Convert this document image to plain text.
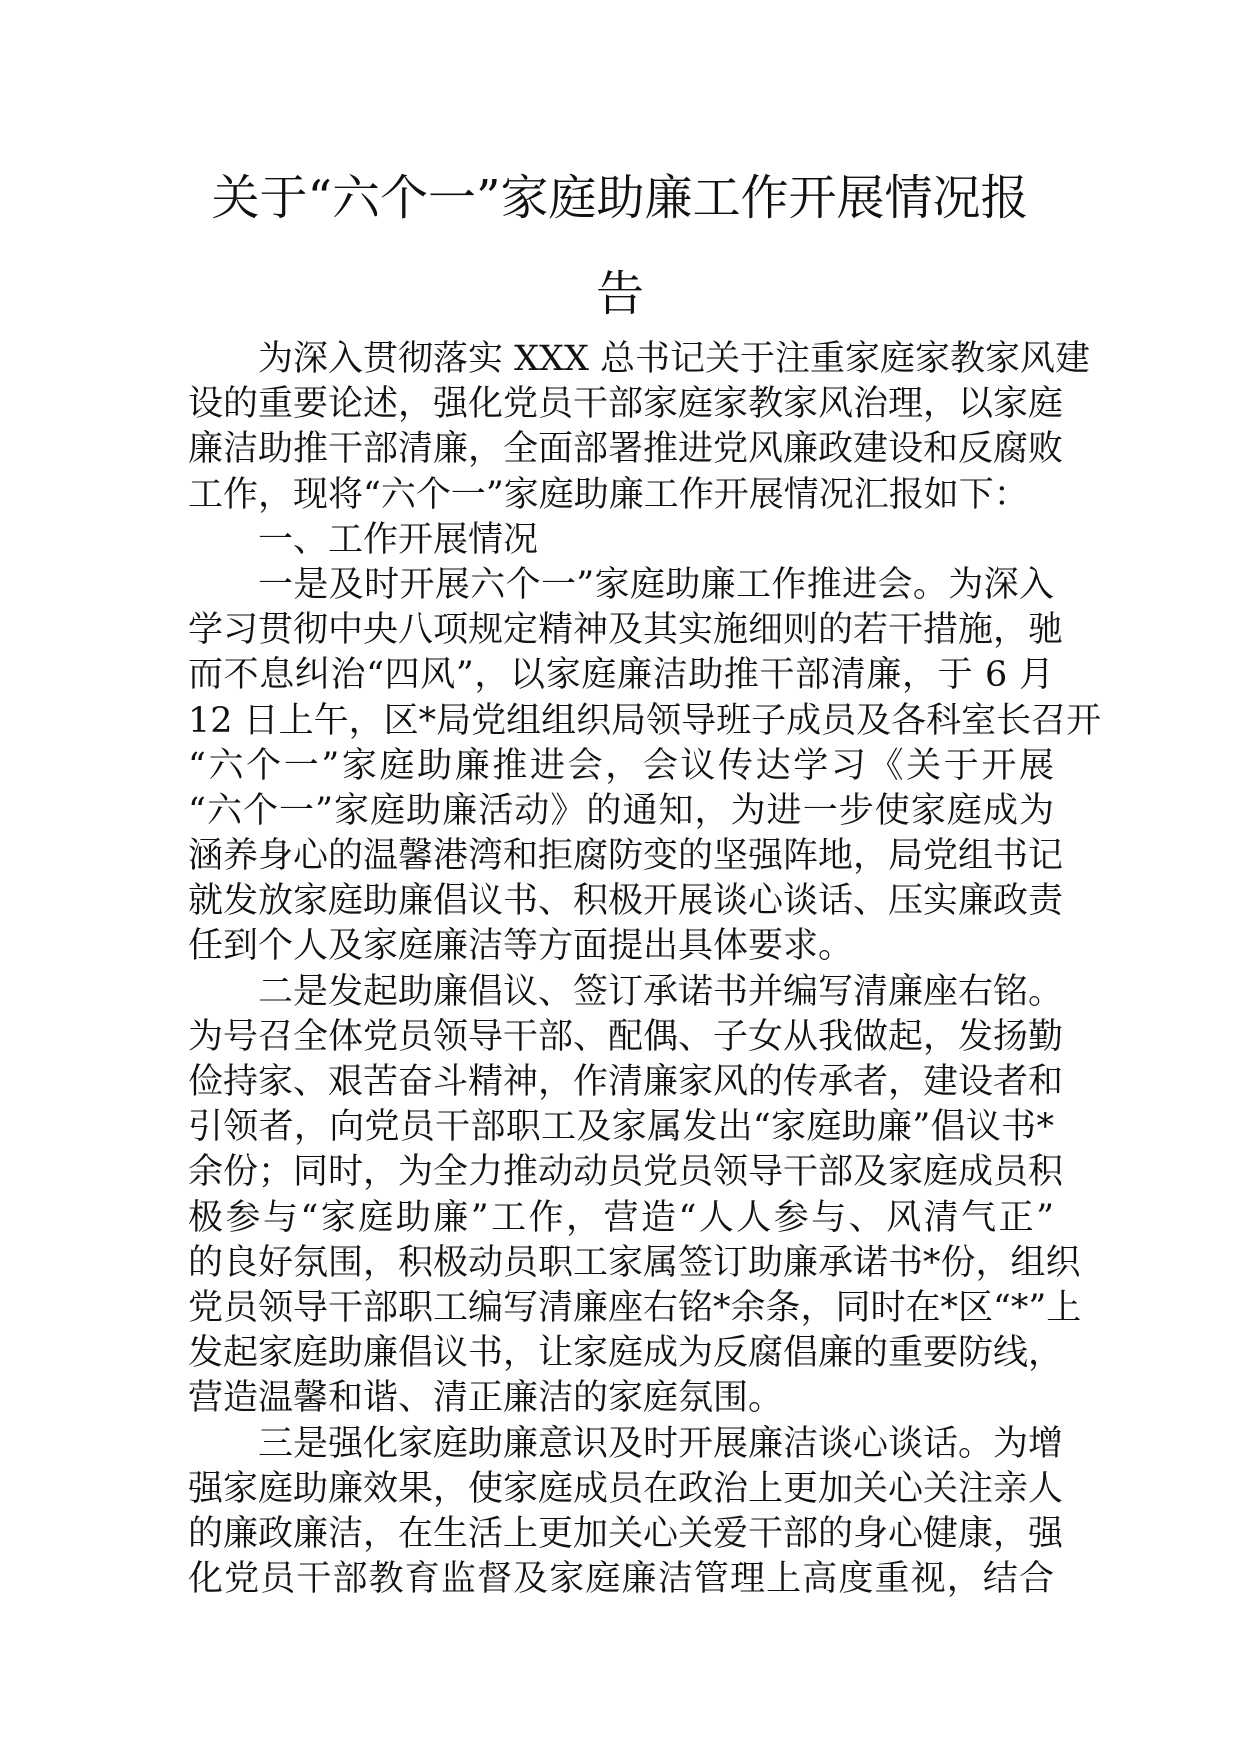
关于“六个一”家庭助廉工作开展情况报
告
为深入贯彻落实 XXX 总书记关于注重家庭家教家风建
设的重要论述，强化党员干部家庭家教家风治理，以家庭
廉洁助推干部清廉，全面部署推进党风廉政建设和反腐败
工作，现将“六个一”家庭助廉工作开展情况汇报如下：
一、工作开展情况
一是及时开展六个一”家庭助廉工作推进会。为深入
学习贯彻中央八项规定精神及其实施细则的若干措施，驰
而不息纠治“四风”，以家庭廉洁助推干部清廉，于 6 月
12 日上午，区*局党组组织局领导班子成员及各科室长召开
“六个一”家庭助廉推进会，会议传达学习《关于开展
“六个一”家庭助廉活动》的通知，为进一步使家庭成为
涵养身心的温馨港湾和拒腐防变的坚强阵地，局党组书记
就发放家庭助廉倡议书、积极开展谈心谈话、压实廉政责
任到个人及家庭廉洁等方面提出具体要求。
二是发起助廉倡议、签订承诺书并编写清廉座右铭。
为号召全体党员领导干部、配偶、子女从我做起，发扬勤
俭持家、艰苦奋斗精神，作清廉家风的传承者，建设者和
引领者，向党员干部职工及家属发出“家庭助廉”倡议书*
余份；同时，为全力推动动员党员领导干部及家庭成员积
极参与“家庭助廉”工作，营造“人人参与、风清气正”
的良好氛围，积极动员职工家属签订助廉承诺书*份，组织
党员领导干部职工编写清廉座右铭*余条，同时在*区“*”上
发起家庭助廉倡议书，让家庭成为反腐倡廉的重要防线，
营造温馨和谐、清正廉洁的家庭氛围。
三是强化家庭助廉意识及时开展廉洁谈心谈话。为增
强家庭助廉效果，使家庭成员在政治上更加关心关注亲人
的廉政廉洁，在生活上更加关心关爱干部的身心健康，强
化党员干部教育监督及家庭廉洁管理上高度重视，结合
